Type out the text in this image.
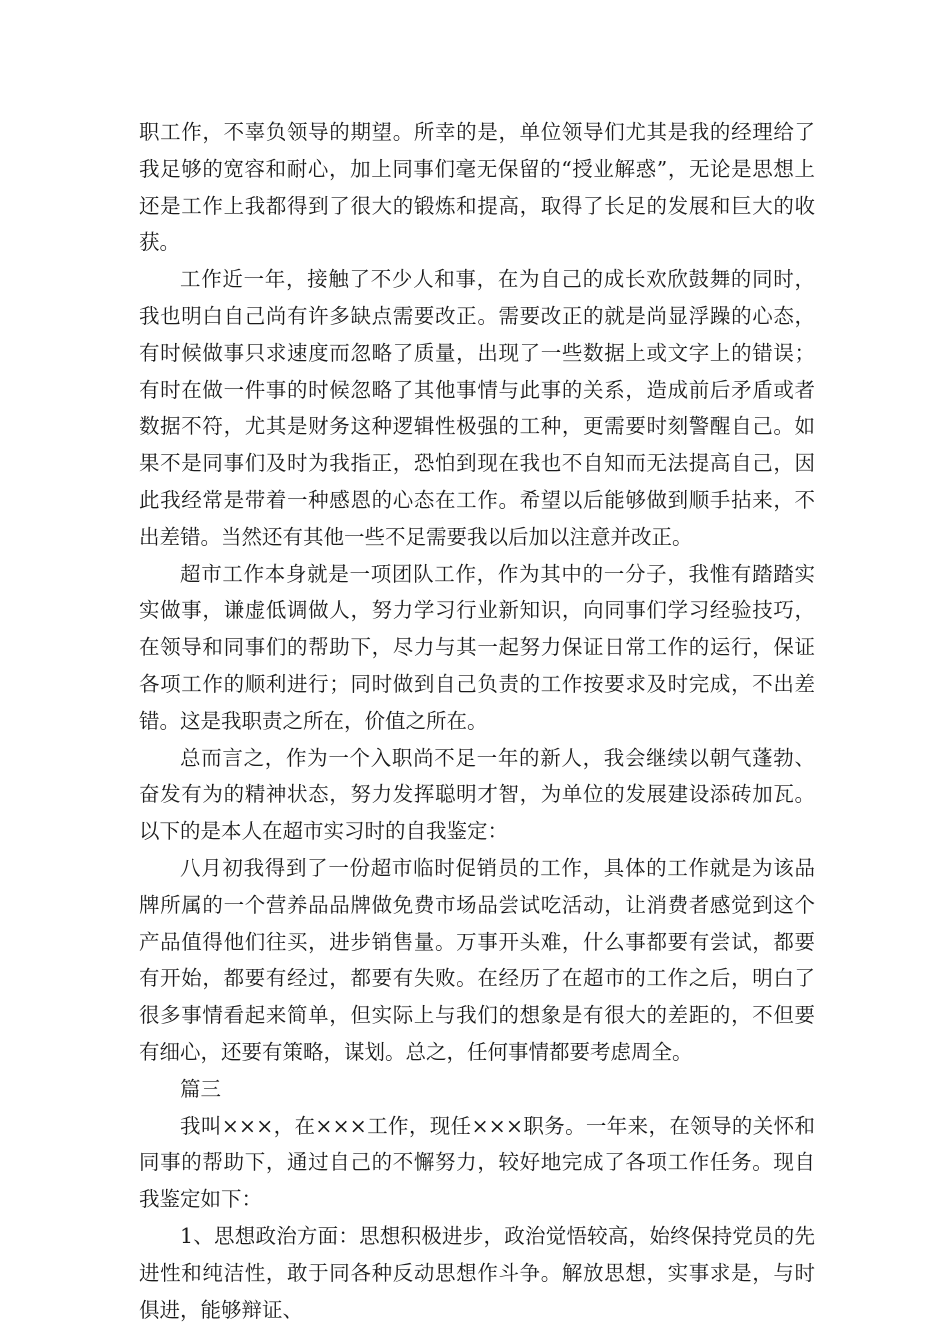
职工作，不辜负领导的期望。所幸的是，单位领导们尤其是我的经理给了我足够的宽容和耐心，加上同事们毫无保留的“授业解惑”，无论是思想上还是工作上我都得到了很大的锻炼和提高，取得了长足的发展和巨大的收获。

工作近一年，接触了不少人和事，在为自己的成长欢欣鼓舞的同时，我也明白自己尚有许多缺点需要改正。需要改正的就是尚显浮躁的心态，有时候做事只求速度而忽略了质量，出现了一些数据上或文字上的错误；有时在做一件事的时候忽略了其他事情与此事的关系，造成前后矛盾或者数据不符，尤其是财务这种逻辑性极强的工种，更需要时刻警醒自己。如果不是同事们及时为我指正，恐怕到现在我也不自知而无法提高自己，因此我经常是带着一种感恩的心态在工作。希望以后能够做到顺手拈来，不出差错。当然还有其他一些不足需要我以后加以注意并改正。

超市工作本身就是一项团队工作，作为其中的一分子，我惟有踏踏实实做事，谦虚低调做人，努力学习行业新知识，向同事们学习经验技巧，在领导和同事们的帮助下，尽力与其一起努力保证日常工作的运行，保证各项工作的顺利进行；同时做到自己负责的工作按要求及时完成，不出差错。这是我职责之所在，价值之所在。

总而言之，作为一个入职尚不足一年的新人，我会继续以朝气蓬勃、奋发有为的精神状态，努力发挥聪明才智，为单位的发展建设添砖加瓦。以下的是本人在超市实习时的自我鉴定：

八月初我得到了一份超市临时促销员的工作，具体的工作就是为该品牌所属的一个营养品品牌做免费市场品尝试吃活动，让消费者感觉到这个产品值得他们往买，进步销售量。万事开头难，什么事都要有尝试，都要有开始，都要有经过，都要有失败。在经历了在超市的工作之后，明白了很多事情看起来简单，但实际上与我们的想象是有很大的差距的，不但要有细心，还要有策略，谋划。总之，任何事情都要考虑周全。

篇三

我叫×××，在×××工作，现任×××职务。一年来，在领导的关怀和同事的帮助下，通过自己的不懈努力，较好地完成了各项工作任务。现自我鉴定如下：

1、思想政治方面：思想积极进步，政治觉悟较高，始终保持党员的先进性和纯洁性，敢于同各种反动思想作斗争。解放思想，实事求是，与时俱进，能够辩证、
